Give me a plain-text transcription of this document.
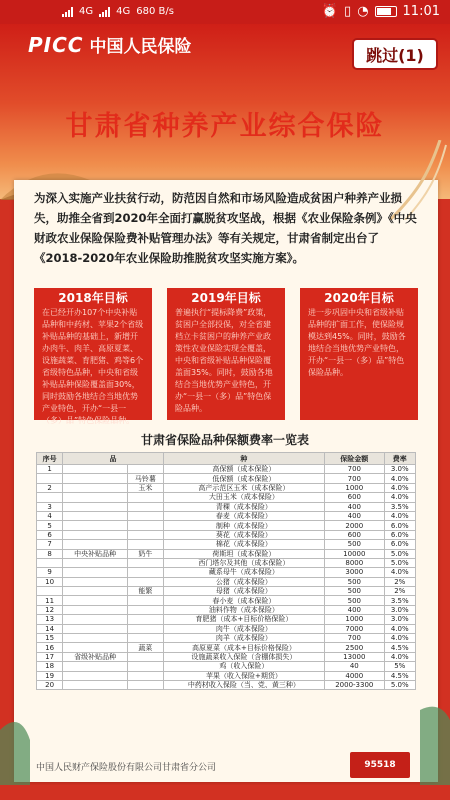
4G 4G 680 B/s	⏰ ▯ ◔	11:01
PICC 中国人民保险	跳过(1)
甘肃省种养产业综合保险
为深入实施产业扶贫行动，防范因自然和市场风险造成贫困户种养产业损失，助推全省到2020年全面打赢脱贫攻坚战，根据《农业保险条例》《中央财政农业保险保险费补贴管理办法》等有关规定，甘肃省制定出台了《2018-2020年农业保险助推脱贫攻坚实施方案》。
2018年目标
在已经开办107个中央补贴品种和中药材、苹果2个省级补贴品种的基础上，新增开办肉牛、肉羊、高原夏菜、设施蔬菜、育肥猪、鸡等6个省级特色品种，中央和省级补贴品种保险覆盖面30%，同时鼓励各地结合当地优势产业特色，开办“一县一（多）品”特色保险品种。
2019年目标
普遍执行“提标降费”政策，贫困户全部投保，对全省建档立卡贫困户的种养产业政策性农业保险实现全覆盖，中央和省级补贴品种保险覆盖面35%。同时，鼓励各地结合当地优势产业特色，开办“一县一（多）品”特色保险品种。
2020年目标
进一步巩固中央和省级补贴品种的扩面工作，使保险规模达到45%。同时，鼓励各地结合当地优势产业特色，开办“一县一（多）品”特色保险品种。
甘肃省保险品种保额费率一览表
序号	品		种	保险金额	费率
1			高保额（成本保险）	700	3.0%
		马铃薯	低保额（成本保险）	700	4.0%
2		玉米	高产示范区玉米（成本保险）	1000	4.0%
			大田玉米（成本保险）	600	4.0%
3			青稞（成本保险）	400	3.5%
4			春麦（成本保险）	400	4.0%
5			制种（成本保险）	2000	6.0%
6			葵花（成本保险）	600	6.0%
7			棉花（成本保险）	500	6.0%
8	中央补贴品种	奶牛	荷斯坦（成本保险）	10000	5.0%
			西门塔尔及其他（成本保险）	8000	5.0%
9			藏系母牛（成本保险）	3000	4.0%
10			公猪（成本保险）	500	2%
		能繁	母猪（成本保险）	500	2%
11			春小麦（成本保险）	500	3.5%
12			油料作物（成本保险）	400	3.0%
13			育肥猪（成本+目标价格保险）	1000	3.0%
14			肉牛（成本保险）	7000	4.0%
15			肉羊（成本保险）	700	4.0%
16		蔬菜	高原夏菜（成本+目标价格保险）	2500	4.5%
17	省级补贴品种		设施蔬菜收入保险（含棚体损失）	13000	4.0%
18			鸡（收入保险）	40	5%
19			苹果（收入保险+期货）	4000	4.5%
20			中药材收入保险（当、党、黄三种）	2000-3300	5.0%
中国人民财产保险股份有限公司甘肃省分公司	95518
